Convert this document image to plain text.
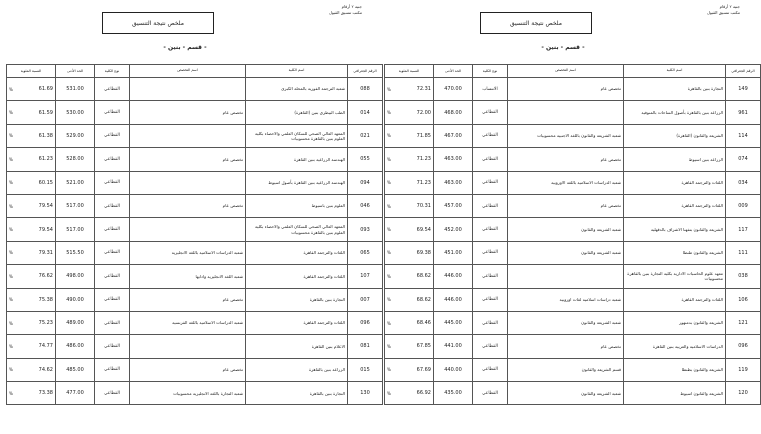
جنيه ٢ أرقام
مكتب تنسيق القبول
ملخص نتيجة التنسيق
- قسم - بنين -
النسبة المئوية	الحد الأدنى	نوع الكلية	اسم التخصص	اسم الكلية	الرقم الجغرافي

% 61.69	531.00	القطاعي		شعبة الترجمة الفورية بالمحلة الكبرى	088

% 61.59	530.00	القطاعي	تخصص عام	الطب البيطري بنين (القاهرة)	014

% 61.38	529.00	القطاعي		المعهد العالي الصحي للسكان العلمي والاحصاء بكلية العلوم بنين بالقاهرة محسوبيات	021

% 61.23	528.00	القطاعي	تخصص عام	الهندسة الزراعية بنين القاهرة	055

% 60.15	521.00	القطاعي		الهندسة الزراعية بنين القاهرة بأصول اسيوط	094

% 79.54	517.00	القطاعي	تخصص عام	العلوم بنين باسيوط	046

% 79.54	517.00	القطاعي		المعهد العالي الصحي للسكان العلمي والاحصاء بكلية العلوم بنين بالقاهرة محسوبيات	093

% 79.31	515.50	القطاعي	شعبة الدراسات الاسلامية باللغة الانجليزية	اللغات والترجمة القاهرة	065

% 76.62	498.00	القطاعي	شعبة اللغة الانجليزية وادابها	اللغات والترجمة القاهرة	107

% 75.38	490.00	القطاعي	تخصص عام	التجارة بنين بالقاهرة	007

% 75.23	489.00	القطاعي	شعبة الدراسات الاسلامية باللغة الفرنسية	اللغات والترجمة القاهرة	096

% 74.77	486.00	القطاعي		الاعلام بنين القاهرة	081

% 74.62	485.00	القطاعي	تخصص عام	الزراعة بنين بالقاهرة	015

% 73.38	477.00	القطاعي	شعبة التجارة باللغة الانجليزية محسوبيات	التجارة بنين بالقاهرة	130
جنيه ٢ أرقام
مكتب تنسيق القبول
ملخص نتيجة التنسيق
- قسم - بنين -
النسبة المئوية	الحد الأدنى	نوع الكلية	اسم التخصص	اسم الكلية	الرقم الجغرافي

% 72.31	470.00	الانتساب	تخصص عام	التجارة بنين بالقاهرة	149

% 72.00	468.00	القطاعي		الزراعة بنين بالقاهرة بأصول الساحات بالمنوفية	961

% 71.85	467.00	القطاعي	شعبة الشريعة والقانون باللغة الاجنبية محسوبيات	الشريعة والقانون (القاهرة)	114

% 71.23	463.00	القطاعي	تخصص عام	الزراعة بنين اسيوط	074

% 71.23	463.00	القطاعي	شعبة الدراسات الاسلامية باللغة الاوروبية	اللغات والترجمة القاهرة	034

% 70.31	457.00	القطاعي	تخصص عام	اللغات والترجمة القاهرة	009

% 69.54	452.00	القطاعي	شعبة الشريعة والقانون	الشريعة والقانون بتفهنا الاشراف بالدقهلية	117

% 69.38	451.00	القطاعي	شعبة الشريعة والقانون	الشريعة والقانون طنطا	111

% 68.62	446.00	القطاعي		معهد علوم الحاسبات الادارية بكلية التجارة بنين بالقاهرة محسوبيات	038

% 68.62	446.00	القطاعي	شعبة دراسات اسلامية لغات اوروبية	اللغات والترجمة القاهرة	106

% 68.46	445.00	القطاعي	شعبة الشريعة والقانون	الشريعة والقانون بدمنهور	121

% 67.85	441.00	القطاعي	تخصص عام	الدراسات الاسلامية والعربية بنين القاهرة	096

% 67.69	440.00	القطاعي	قسم الشريعة والقانون	الشريعة والقانون بطنطا	119

% 66.92	435.00	القطاعي	شعبة الشريعة والقانون	الشريعة والقانون اسيوط	120
